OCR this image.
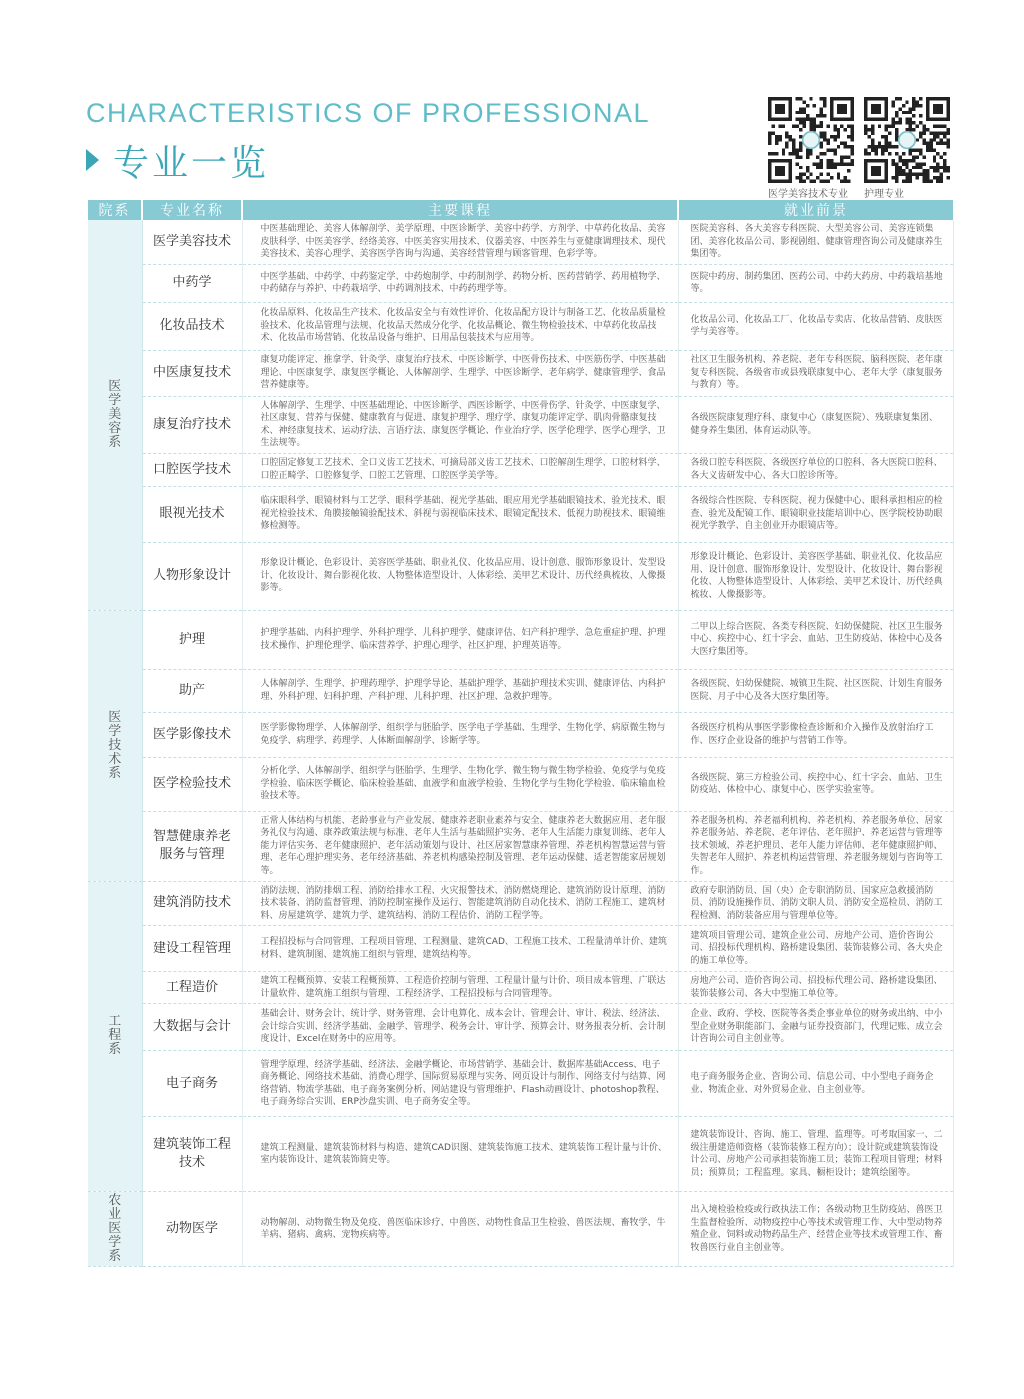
CHARACTERISTICS OF PROFESSIONAL
专业一览
医学美容技术专业	护理专业
院系	专业名称	主要课程	就业前景
医学美容系	医学美容技术	中医基础理论、美容人体解剖学、美学原理、中医诊断学、美容中药学、方剂学、中草药化妆品、美容皮肤科学、中医美容学、经络美容、中医美容实用技术、仪器美容、中医养生与亚健康调理技术、现代美容技术、美容心理学、美容医学咨询与沟通、美容经营管理与顾客管理、色彩学等。	医院美容科、各大美容专科医院、大型美容公司、美容连锁集团、美容化妆品公司、影视剧组、健康管理咨询公司及健康养生集团等。
	中药学	中医学基础、中药学、中药鉴定学、中药炮制学、中药制剂学、药物分析、医药营销学、药用植物学、中药储存与养护、中药栽培学、中药调剂技术、中药药理学等。	医院中药房、制药集团、医药公司、中药大药房、中药栽培基地等。
	化妆品技术	化妆品原料、化妆品生产技术、化妆品安全与有效性评价、化妆品配方设计与制备工艺、化妆品质量检验技术、化妆品管理与法规、化妆品天然成分化学、化妆品概论、微生物检验技术、中草药化妆品技术、化妆品市场营销、化妆品设备与维护、日用品包装技术与应用等。	化妆品公司、化妆品工厂、化妆品专卖店、化妆品营销、皮肤医学与美容等。
	中医康复技术	康复功能评定、推拿学、针灸学、康复治疗技术、中医诊断学、中医骨伤技术、中医筋伤学、中医基础理论、中医康复学、康复医学概论、人体解剖学、生理学、中医诊断学、老年病学、健康管理学、食品营养健康等。	社区卫生服务机构、养老院、老年专科医院、脑科医院、老年康复专科医院、各级省市或县残联康复中心、老年大学（康复服务与教育）等。
	康复治疗技术	人体解剖学、生理学、中医基础理论、中医诊断学、西医诊断学、中医骨伤学、针灸学、中医康复学、社区康复、营养与保健、健康教育与促进、康复护理学、理疗学、康复功能评定学、肌肉骨骼康复技术、神经康复技术、运动疗法、言语疗法、康复医学概论、作业治疗学、医学伦理学、医学心理学、卫生法规等。	各级医院康复理疗科、康复中心（康复医院）、残联康复集团、健身养生集团、体育运动队等。
	口腔医学技术	口腔固定修复工艺技术、全口义齿工艺技术、可摘局部义齿工艺技术、口腔解剖生理学、口腔材料学、口腔正畸学、口腔修复学、口腔工艺管理、口腔医学美学等。	各级口腔专科医院、各级医疗单位的口腔科、各大医院口腔科、各大义齿研发中心、各大口腔诊所等。
	眼视光技术	临床眼科学、眼镜材料与工艺学、眼科学基础、视光学基础、眼应用光学基础眼镜技术、验光技术、眼视光检验技术、角膜接触镜验配技术、斜视与弱视临床技术、眼镜定配技术、低视力助视技术、眼镜维修检测等。	各级综合性医院、专科医院、视力保健中心、眼科承担相应的检查、验光及配镜工作、眼镜职业技能培训中心、医学院校协助眼视光学教学、自主创业开办眼镜店等。
	人物形象设计	形象设计概论、色彩设计、美容医学基础、职业礼仪、化妆品应用、设计创意、服饰形象设计、发型设计、化妆设计、舞台影视化妆、人物整体造型设计、人体彩绘、美甲艺术设计、历代经典梳妆、人像摄影等。	形象设计概论、色彩设计、美容医学基础、职业礼仪、化妆品应用、设计创意、服饰形象设计、发型设计、化妆设计、舞台影视化妆、人物整体造型设计、人体彩绘、美甲艺术设计、历代经典梳妆、人像摄影等。
医学技术系	护理	护理学基础、内科护理学、外科护理学、儿科护理学、健康评估、妇产科护理学、急危重症护理、护理技术操作、护理伦理学、临床营养学、护理心理学、社区护理、护理英语等。	二甲以上综合医院、各类专科医院、妇幼保健院、社区卫生服务中心、疾控中心、红十字会、血站、卫生防疫站、体检中心及各大医疗集团等。
	助产	人体解剖学、生理学、护理药理学、护理学导论、基础护理学、基础护理技术实训、健康评估、内科护理、外科护理、妇科护理、产科护理、儿科护理、社区护理、急救护理等。	各级医院、妇幼保健院、城镇卫生院、社区医院、计划生育服务医院、月子中心及各大医疗集团等。
	医学影像技术	医学影像物理学、人体解剖学、组织学与胚胎学、医学电子学基础、生理学、生物化学、病原微生物与免疫学、病理学、药理学、人体断面解剖学、诊断学等。	各级医疗机构从事医学影像检查诊断和介入操作及放射治疗工作、医疗企业设备的维护与营销工作等。
	医学检验技术	分析化学、人体解剖学、组织学与胚胎学、生理学、生物化学、微生物与微生物学检验、免疫学与免疫学检验、临床医学概论、临床检验基础、血液学和血液学检验、生物化学与生物化学检验、临床输血检验技术等。	各级医院、第三方检验公司、疾控中心、红十字会、血站、卫生防疫站、体检中心、康复中心、医学实验室等。
	智慧健康养老服务与管理	正常人体结构与机能、老龄事业与产业发展、健康养老职业素养与安全、健康养老大数据应用、老年服务礼仪与沟通、康养政策法规与标准、老年人生活与基础照护实务、老年人生活能力康复训练、老年人能力评估实务、老年健康照护、老年活动策划与设计、社区居家智慧康养管理、养老机构智慧运营与管理、老年心理护理实务、老年经济基础、养老机构感染控制及管理、老年运动保健、适老智能家居规划等。	养老服务机构、养老福利机构、养老机构、养老服务单位、居家养老服务站、养老院、老年评估、老年照护、养老运营与管理等技术领域、养老护理员、老年人能力评估师、老年健康照护师、失智老年人照护、养老机构运营管理、养老服务规划与咨询等工作。
工程系	建筑消防技术	消防法规、消防排烟工程、消防给排水工程、火灾报警技术、消防燃烧理论、建筑消防设计原理、消防技术装备、消防监督管理、消防控制室操作及运行、智能建筑消防自动化技术、消防工程施工、建筑材料、房屋建筑学、建筑力学、建筑结构、消防工程估价、消防工程学等。	政府专职消防员、国（央）企专职消防员、国家应急救援消防员、消防设施操作员、消防文职人员、消防安全巡检员、消防工程检测、消防装备应用与管理单位等。
	建设工程管理	工程招投标与合同管理、工程项目管理、工程测量、建筑CAD、工程施工技术、工程量清单计价、建筑材料、建筑制图、建筑施工组织与管理、建筑结构等。	建筑项目管理公司、建筑企业公司、房地产公司、造价咨询公司、招投标代理机构、路桥建设集团、装饰装修公司、各大央企的施工单位等。
	工程造价	建筑工程概预算、安装工程概预算、工程造价控制与管理、工程量计量与计价、项目成本管理、广联达计量软件、建筑施工组织与管理、工程经济学、工程招投标与合同管理等。	房地产公司、造价咨询公司、招投标代理公司、路桥建设集团、装饰装修公司、各大中型施工单位等。
	大数据与会计	基础会计、财务会计、统计学、财务管理、会计电算化、成本会计、管理会计、审计、税法、经济法、会计综合实训、经济学基础、金融学、管理学、税务会计、审计学、预算会计、财务报表分析、会计制度设计、Excel在财务中的应用等。	企业、政府、学校、医院等各类企事业单位的财务或出纳、中小型企业财务职能部门、金融与证券投资部门，代理记账、成立会计咨询公司自主创业等。
	电子商务	管理学原理、经济学基础、经济法、金融学概论、市场营销学、基础会计、数据库基础Access、电子商务概论、网络技术基础、消费心理学、国际贸易原理与实务、网页设计与制作、网络支付与结算、网络营销、物流学基础、电子商务案例分析、网站建设与管理维护、Flash动画设计、photoshop教程、电子商务综合实训、ERP沙盘实训、电子商务安全等。	电子商务服务企业、咨询公司、信息公司、中小型电子商务企业、物流企业、对外贸易企业、自主创业等。
	建筑装饰工程技术	建筑工程测量、建筑装饰材料与构造、建筑CAD识图、建筑装饰施工技术、建筑装饰工程计量与计价、室内装饰设计、建筑装饰简史等。	建筑装饰设计、咨询、施工、管理、监理等。可考取国家一、二级注册建造师资格（装饰装修工程方向）；设计院或建筑装饰设计公司、房地产公司承担装饰施工员；装饰工程项目管理；材料员；预算员；工程监理。家具、橱柜设计；建筑绘图等。
农业医学系	动物医学	动物解剖、动物微生物及免疫、兽医临床诊疗、中兽医、动物性食品卫生检验、兽医法规、畜牧学、牛羊病、猪病、禽病、宠物疾病等。	出入境检验检疫或行政执法工作；各级动物卫生防疫站、兽医卫生监督检验所、动物疫控中心等技术或管理工作、大中型动物养殖企业、饲料或动物药品生产、经营企业等技术或管理工作、畜牧兽医行业自主创业等。
